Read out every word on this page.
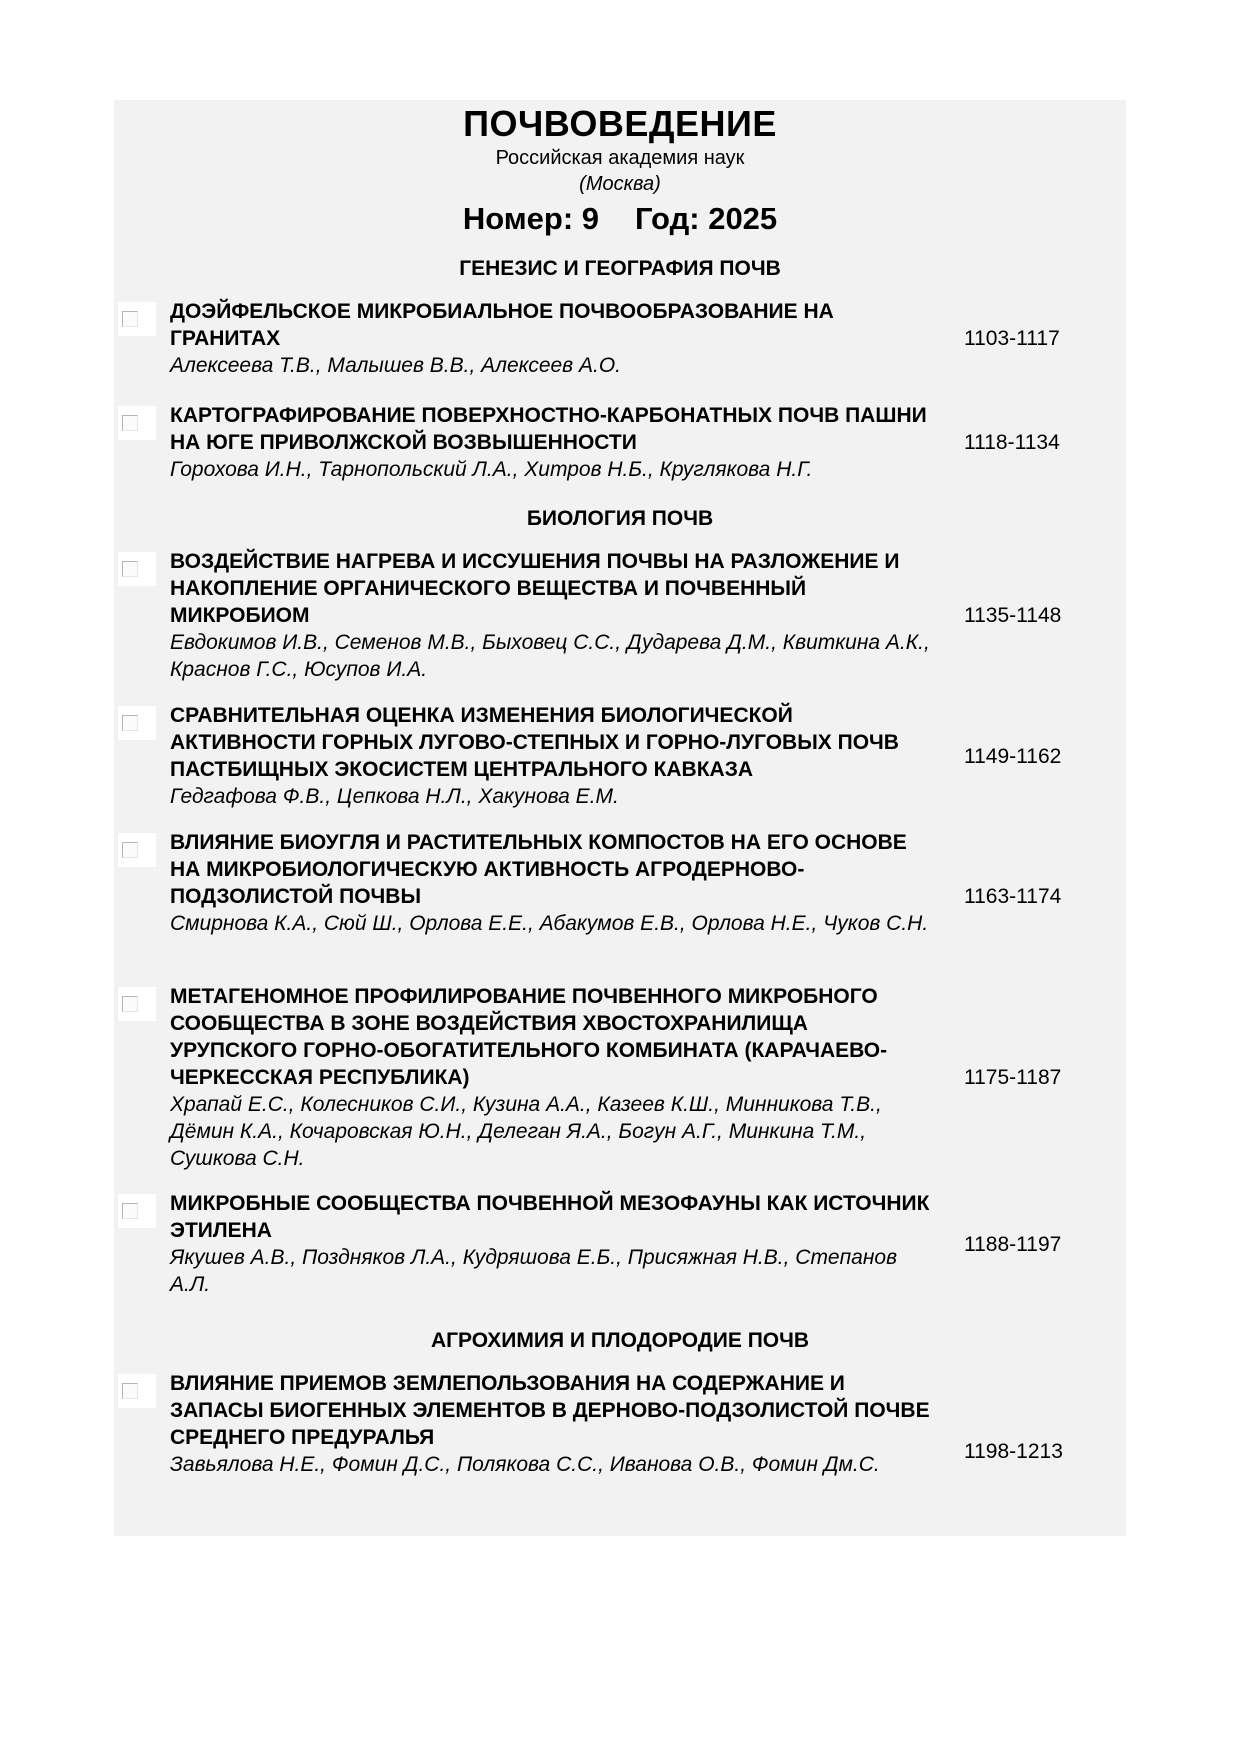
ПОЧВОВЕДЕНИЕ
Российская академия наук
(Москва)
Номер: 9 Год: 2025
ГЕНЕЗИС И ГЕОГРАФИЯ ПОЧВ
ДОЭЙФЕЛЬСКОЕ МИКРОБИАЛЬНОЕ ПОЧВООБРАЗОВАНИЕ НА ГРАНИТАХ
Алексеева Т.В., Малышев В.В., Алексеев А.О.
1103-1117
КАРТОГРАФИРОВАНИЕ ПОВЕРХНОСТНО-КАРБОНАТНЫХ ПОЧВ ПАШНИ НА ЮГЕ ПРИВОЛЖСКОЙ ВОЗВЫШЕННОСТИ
Горохова И.Н., Тарнопольский Л.А., Хитров Н.Б., Круглякова Н.Г.
1118-1134
БИОЛОГИЯ ПОЧВ
ВОЗДЕЙСТВИЕ НАГРЕВА И ИССУШЕНИЯ ПОЧВЫ НА РАЗЛОЖЕНИЕ И НАКОПЛЕНИЕ ОРГАНИЧЕСКОГО ВЕЩЕСТВА И ПОЧВЕННЫЙ МИКРОБИОМ
Евдокимов И.В., Семенов М.В., Быховец С.С., Дударева Д.М., Квиткина А.К., Краснов Г.С., Юсупов И.А.
1135-1148
СРАВНИТЕЛЬНАЯ ОЦЕНКА ИЗМЕНЕНИЯ БИОЛОГИЧЕСКОЙ АКТИВНОСТИ ГОРНЫХ ЛУГОВО-СТЕПНЫХ И ГОРНО-ЛУГОВЫХ ПОЧВ ПАСТБИЩНЫХ ЭКОСИСТЕМ ЦЕНТРАЛЬНОГО КАВКАЗА
Гедгафова Ф.В., Цепкова Н.Л., Хакунова Е.М.
1149-1162
ВЛИЯНИЕ БИОУГЛЯ И РАСТИТЕЛЬНЫХ КОМПОСТОВ НА ЕГО ОСНОВЕ НА МИКРОБИОЛОГИЧЕСКУЮ АКТИВНОСТЬ АГРОДЕРНОВО-ПОДЗОЛИСТОЙ ПОЧВЫ
Смирнова К.А., Сюй Ш., Орлова Е.Е., Абакумов Е.В., Орлова Н.Е., Чуков С.Н.
1163-1174
МЕТАГЕНОМНОЕ ПРОФИЛИРОВАНИЕ ПОЧВЕННОГО МИКРОБНОГО СООБЩЕСТВА В ЗОНЕ ВОЗДЕЙСТВИЯ ХВОСТОХРАНИЛИЩА УРУПСКОГО ГОРНО-ОБОГАТИТЕЛЬНОГО КОМБИНАТА (КАРАЧАЕВО-ЧЕРКЕССКАЯ РЕСПУБЛИКА)
Храпай Е.С., Колесников С.И., Кузина А.А., Казеев К.Ш., Минникова Т.В., Дёмин К.А., Кочаровская Ю.Н., Делеган Я.А., Богун А.Г., Минкина Т.М., Сушкова С.Н.
1175-1187
МИКРОБНЫЕ СООБЩЕСТВА ПОЧВЕННОЙ МЕЗОФАУНЫ КАК ИСТОЧНИК ЭТИЛЕНА
Якушев А.В., Поздняков Л.А., Кудряшова Е.Б., Присяжная Н.В., Степанов А.Л.
1188-1197
АГРОХИМИЯ И ПЛОДОРОДИЕ ПОЧВ
ВЛИЯНИЕ ПРИЕМОВ ЗЕМЛЕПОЛЬЗОВАНИЯ НА СОДЕРЖАНИЕ И ЗАПАСЫ БИОГЕННЫХ ЭЛЕМЕНТОВ В ДЕРНОВО-ПОДЗОЛИСТОЙ ПОЧВЕ СРЕДНЕГО ПРЕДУРАЛЬЯ
Завьялова Н.Е., Фомин Д.С., Полякова С.С., Иванова О.В., Фомин Дм.С.
1198-1213
